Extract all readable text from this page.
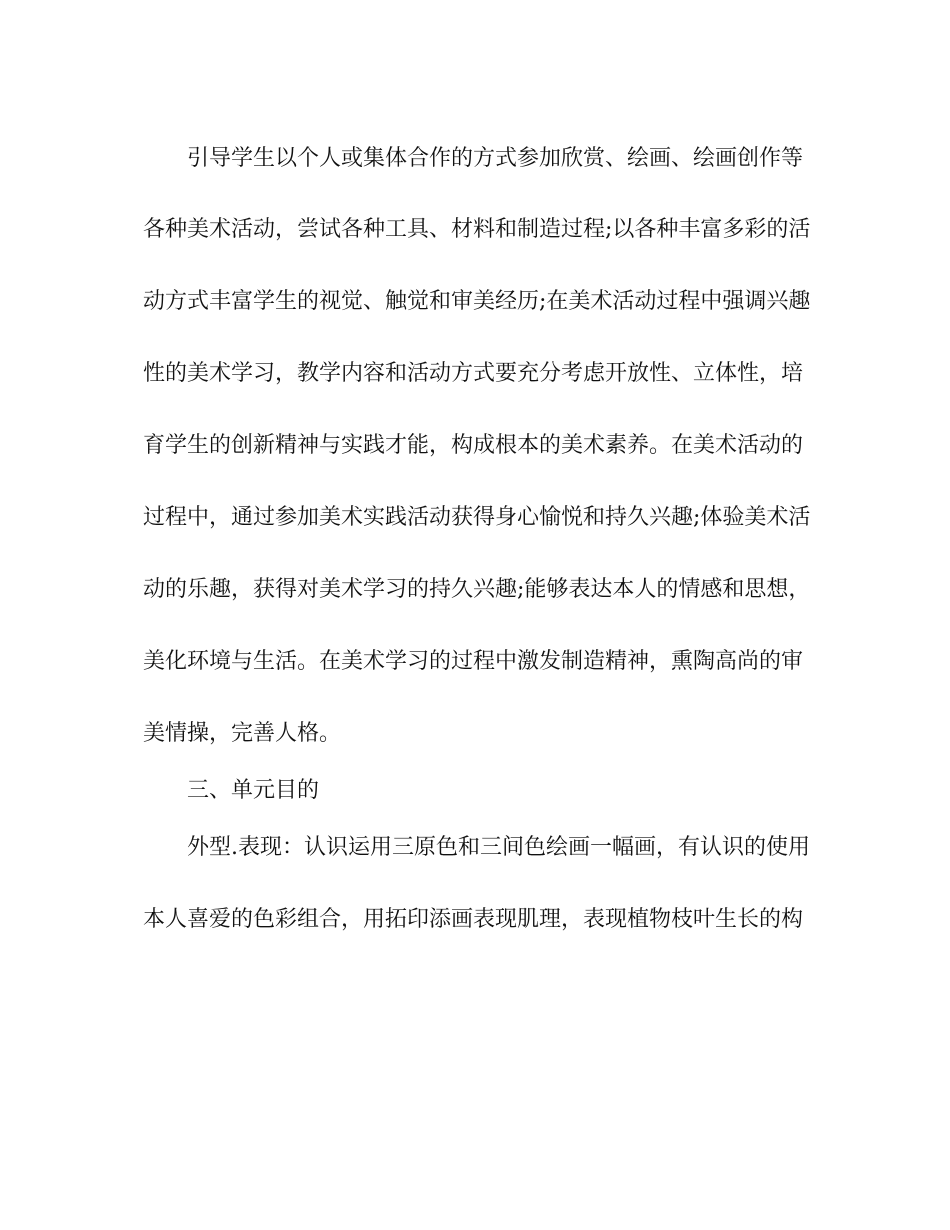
引导学生以个人或集体合作的方式参加欣赏、绘画、绘画创作等
各种美术活动，尝试各种工具、材料和制造过程;以各种丰富多彩的活
动方式丰富学生的视觉、触觉和审美经历;在美术活动过程中强调兴趣
性的美术学习，教学内容和活动方式要充分考虑开放性、立体性，培
育学生的创新精神与实践才能，构成根本的美术素养。在美术活动的
过程中，通过参加美术实践活动获得身心愉悦和持久兴趣;体验美术活
动的乐趣，获得对美术学习的持久兴趣;能够表达本人的情感和思想，
美化环境与生活。在美术学习的过程中激发制造精神，熏陶高尚的审
美情操，完善人格。
三、单元目的
外型.表现：认识运用三原色和三间色绘画一幅画，有认识的使用
本人喜爱的色彩组合，用拓印添画表现肌理，表现植物枝叶生长的构
